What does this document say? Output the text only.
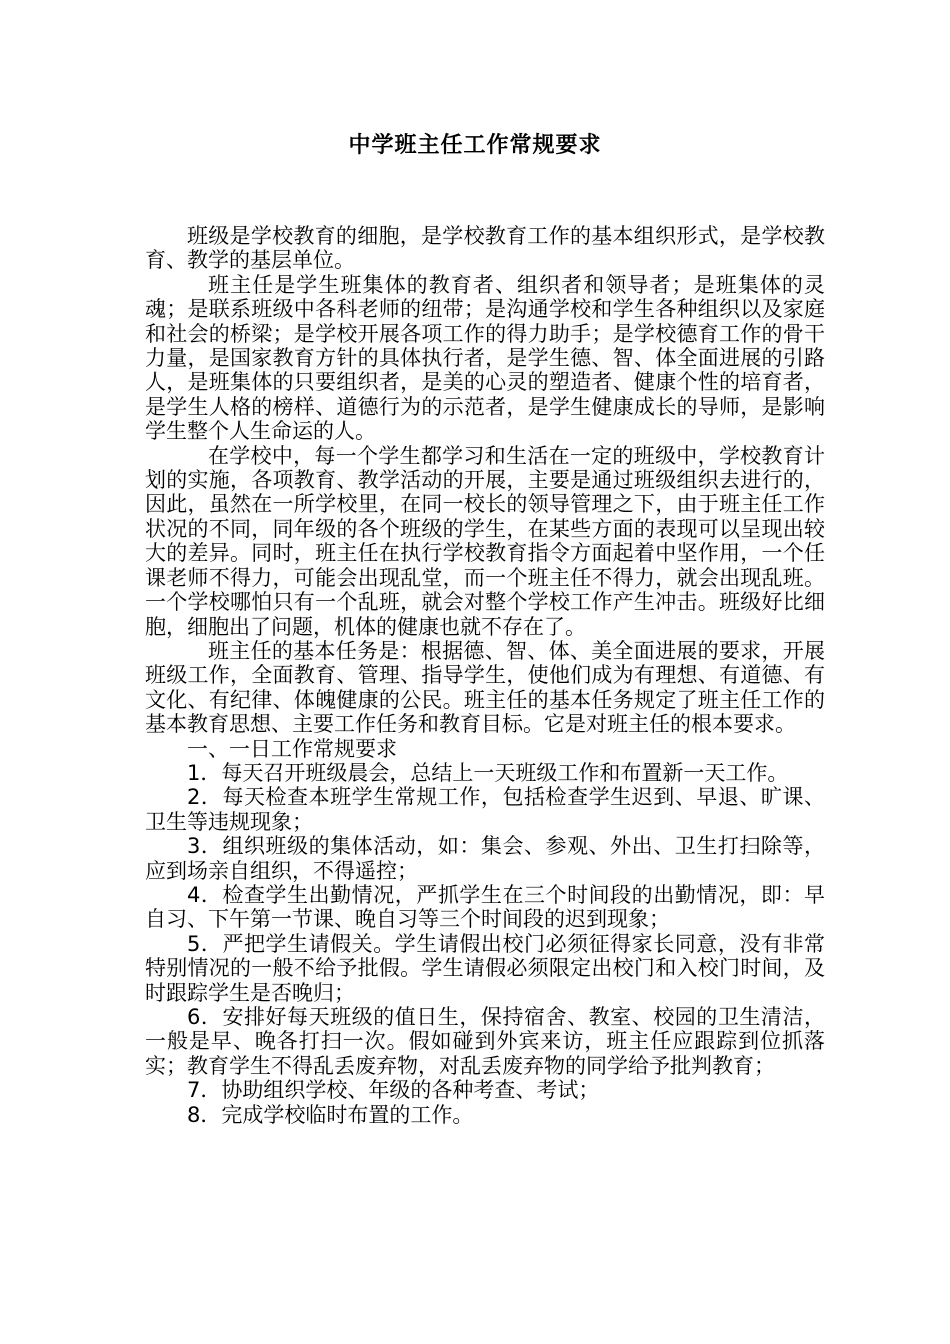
中学班主任工作常规要求

班级是学校教育的细胞，是学校教育工作的基本组织形式，是学校教育、教学的基层单位。

班主任是学生班集体的教育者、组织者和领导者；是班集体的灵魂；是联系班级中各科老师的纽带；是沟通学校和学生各种组织以及家庭和社会的桥梁；是学校开展各项工作的得力助手；是学校德育工作的骨干力量，是国家教育方针的具体执行者，是学生德、智、体全面进展的引路人，是班集体的只要组织者，是美的心灵的塑造者、健康个性的培育者，是学生人格的榜样、道德行为的示范者，是学生健康成长的导师，是影响学生整个人生命运的人。

在学校中，每一个学生都学习和生活在一定的班级中，学校教育计划的实施，各项教育、教学活动的开展，主要是通过班级组织去进行的，因此，虽然在一所学校里，在同一校长的领导管理之下，由于班主任工作状况的不同，同年级的各个班级的学生，在某些方面的表现可以呈现出较大的差异。同时，班主任在执行学校教育指令方面起着中坚作用，一个任课老师不得力，可能会出现乱堂，而一个班主任不得力，就会出现乱班。一个学校哪怕只有一个乱班，就会对整个学校工作产生冲击。班级好比细胞，细胞出了问题，机体的健康也就不存在了。

班主任的基本任务是：根据德、智、体、美全面进展的要求，开展班级工作，全面教育、管理、指导学生，使他们成为有理想、有道德、有文化、有纪律、体魄健康的公民。班主任的基本任务规定了班主任工作的基本教育思想、主要工作任务和教育目标。它是对班主任的根本要求。

一、一日工作常规要求

1．每天召开班级晨会，总结上一天班级工作和布置新一天工作。

2．每天检查本班学生常规工作，包括检查学生迟到、早退、旷课、卫生等违规现象；

3．组织班级的集体活动，如：集会、参观、外出、卫生打扫除等，应到场亲自组织，不得遥控；

4．检查学生出勤情况，严抓学生在三个时间段的出勤情况，即：早自习、下午第一节课、晚自习等三个时间段的迟到现象；

5．严把学生请假关。学生请假出校门必须征得家长同意，没有非常特别情况的一般不给予批假。学生请假必须限定出校门和入校门时间，及时跟踪学生是否晚归；

6．安排好每天班级的值日生，保持宿舍、教室、校园的卫生清洁，一般是早、晚各打扫一次。假如碰到外宾来访，班主任应跟踪到位抓落实；教育学生不得乱丢废弃物，对乱丢废弃物的同学给予批判教育；

7．协助组织学校、年级的各种考查、考试；

8．完成学校临时布置的工作。
